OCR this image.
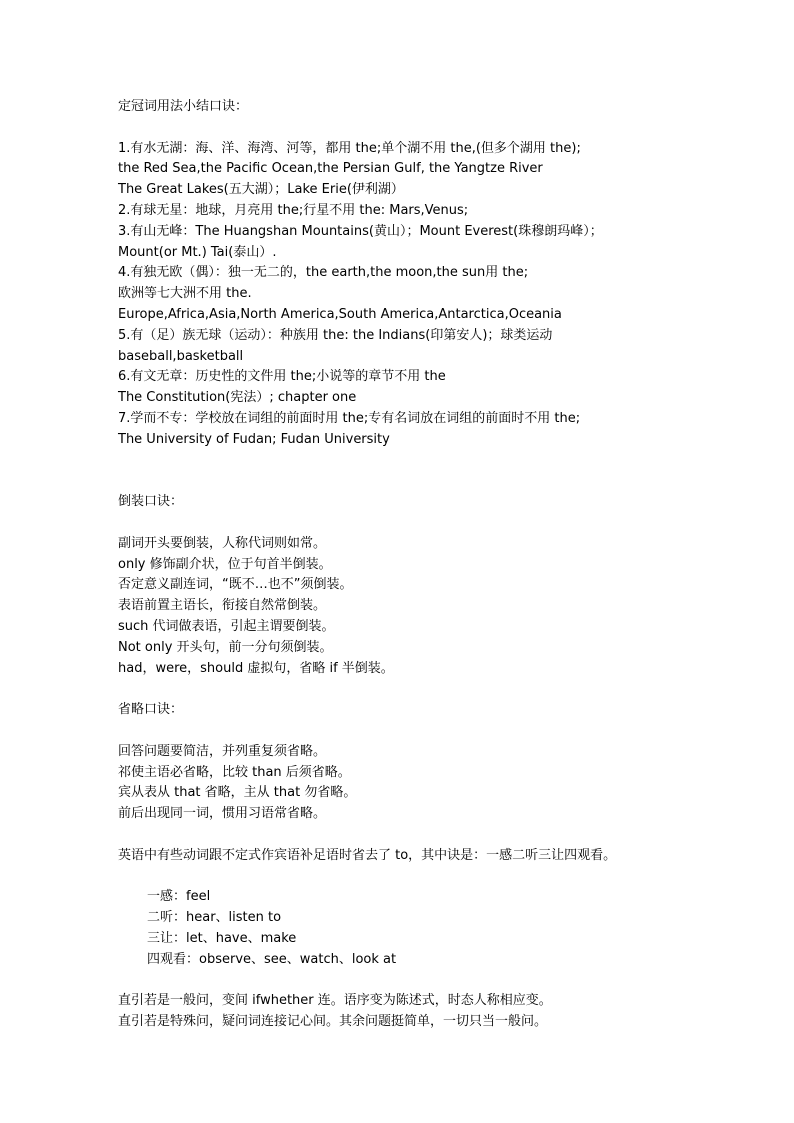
定冠词用法小结口诀：
1.有水无湖：海、洋、海湾、河等，都用 the;单个湖不用 the,(但多个湖用 the);
the Red Sea,the Pacific Ocean,the Persian Gulf, the Yangtze River
The Great Lakes(五大湖）；Lake Erie(伊利湖）
2.有球无星：地球，月亮用 the;行星不用 the: Mars,Venus;
3.有山无峰：The Huangshan Mountains(黄山）；Mount Everest(珠穆朗玛峰）；
Mount(or Mt.) Tai(泰山）.
4.有独无欧（偶）：独一无二的，the earth,the moon,the sun用 the;
欧洲等七大洲不用 the.
Europe,Africa,Asia,North America,South America,Antarctica,Oceania
5.有（足）族无球（运动）：种族用 the: the Indians(印第安人)；球类运动
baseball,basketball
6.有文无章：历史性的文件用 the;小说等的章节不用 the
The Constitution(宪法）; chapter one
7.学而不专：学校放在词组的前面时用 the;专有名词放在词组的前面时不用 the;
The University of Fudan; Fudan University
倒装口诀：
副词开头要倒装，人称代词则如常。
only 修饰副介状，位于句首半倒装。
否定意义副连词，“既不…也不”须倒装。
表语前置主语长，衔接自然常倒装。
such 代词做表语，引起主谓要倒装。
Not only 开头句，前一分句须倒装。
had，were，should 虚拟句，省略 if 半倒装。
省略口诀：
回答问题要简洁，并列重复须省略。
祁使主语必省略，比较 than 后须省略。
宾从表从 that 省略，主从 that 勿省略。
前后出现同一词，惯用习语常省略。
英语中有些动词跟不定式作宾语补足语时省去了 to，其中诀是：一感二听三让四观看。
一感：feel
二听：hear、listen to
三让：let、have、make
四观看：observe、see、watch、look at
直引若是一般问，变间 ifwhether 连。语序变为陈述式，时态人称相应变。
直引若是特殊问，疑问词连接记心间。其余问题挺简单，一切只当一般问。
